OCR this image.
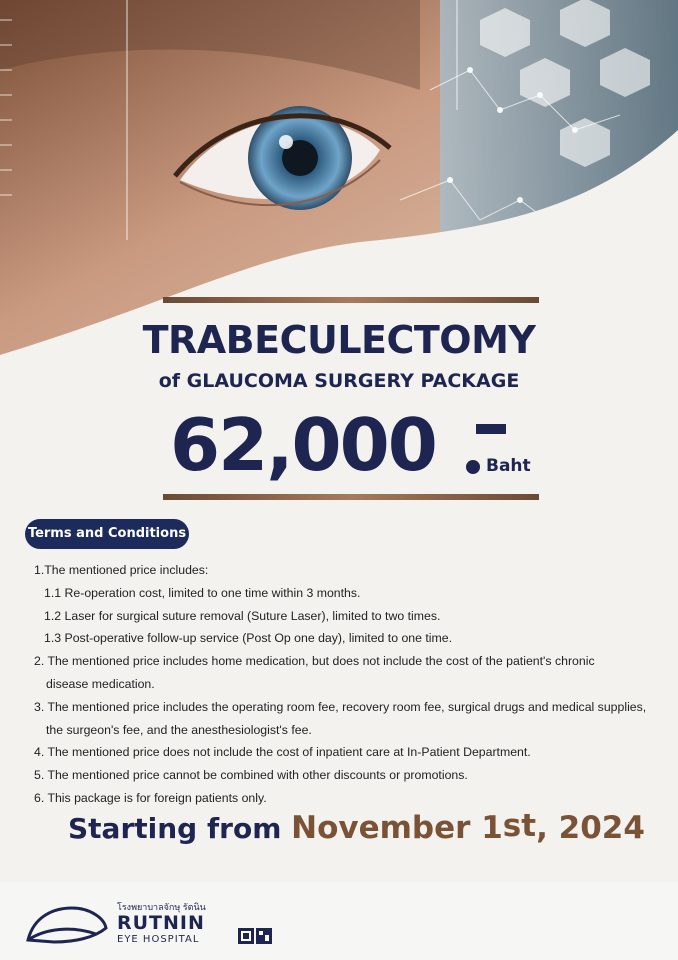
TRABECULECTOMY
of GLAUCOMA SURGERY PACKAGE
62,000	Baht
Terms and Conditions
1.The mentioned price includes:
1.1 Re-operation cost, limited to one time within 3 months.
1.2 Laser for surgical suture removal (Suture Laser), limited to two times.
1.3 Post-operative follow-up service (Post Op one day), limited to one time.
2. The mentioned price includes home medication, but does not include the cost of the patient's chronic
disease medication.
3. The mentioned price includes the operating room fee, recovery room fee, surgical drugs and medical supplies,
the surgeon's fee, and the anesthesiologist's fee.
4. The mentioned price does not include the cost of inpatient care at In-Patient Department.
5. The mentioned price cannot be combined with other discounts or promotions.
6. This package is for foreign patients only.
Starting from November 1st, 2024
โรงพยาบาลจักษุ รัตนิน
RUTNIN
EYE HOSPITAL
